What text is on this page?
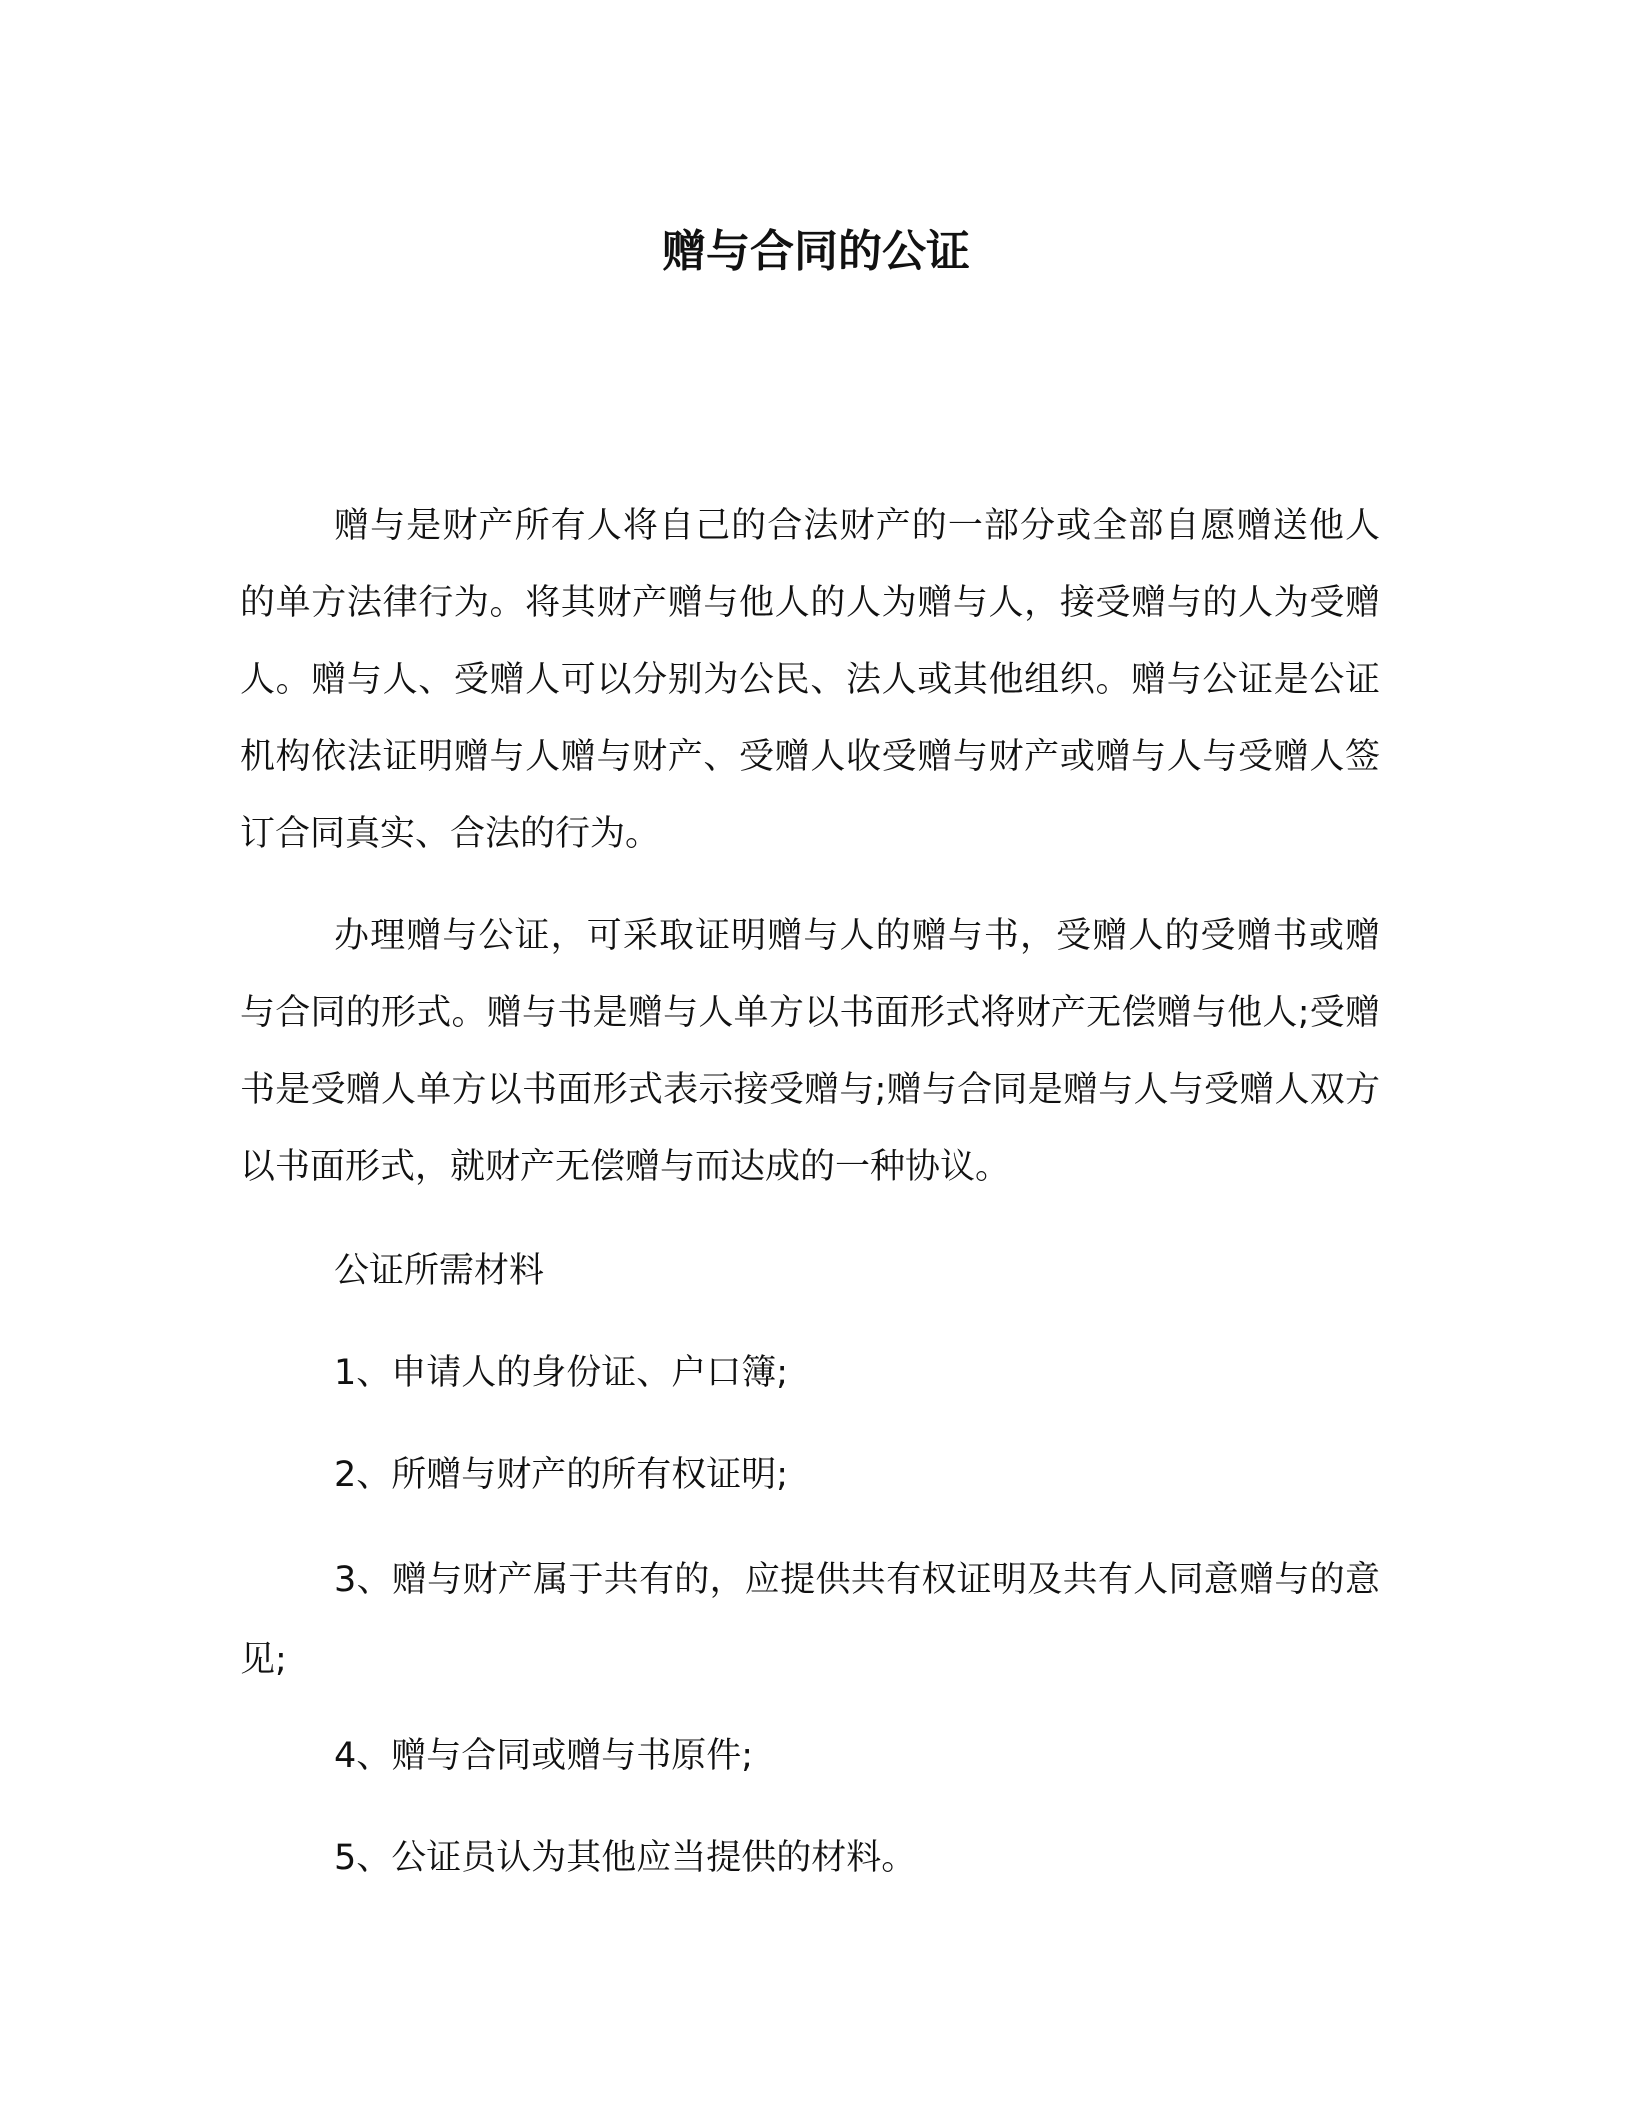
赠与合同的公证

赠与是财产所有人将自己的合法财产的一部分或全部自愿赠送他人的单方法律行为。将其财产赠与他人的人为赠与人，接受赠与的人为受赠人。赠与人、受赠人可以分别为公民、法人或其他组织。赠与公证是公证机构依法证明赠与人赠与财产、受赠人收受赠与财产或赠与人与受赠人签订合同真实、合法的行为。

办理赠与公证，可采取证明赠与人的赠与书，受赠人的受赠书或赠与合同的形式。赠与书是赠与人单方以书面形式将财产无偿赠与他人;受赠书是受赠人单方以书面形式表示接受赠与;赠与合同是赠与人与受赠人双方以书面形式，就财产无偿赠与而达成的一种协议。

公证所需材料

1、申请人的身份证、户口簿;

2、所赠与财产的所有权证明;

3、赠与财产属于共有的，应提供共有权证明及共有人同意赠与的意见;

4、赠与合同或赠与书原件;

5、公证员认为其他应当提供的材料。
